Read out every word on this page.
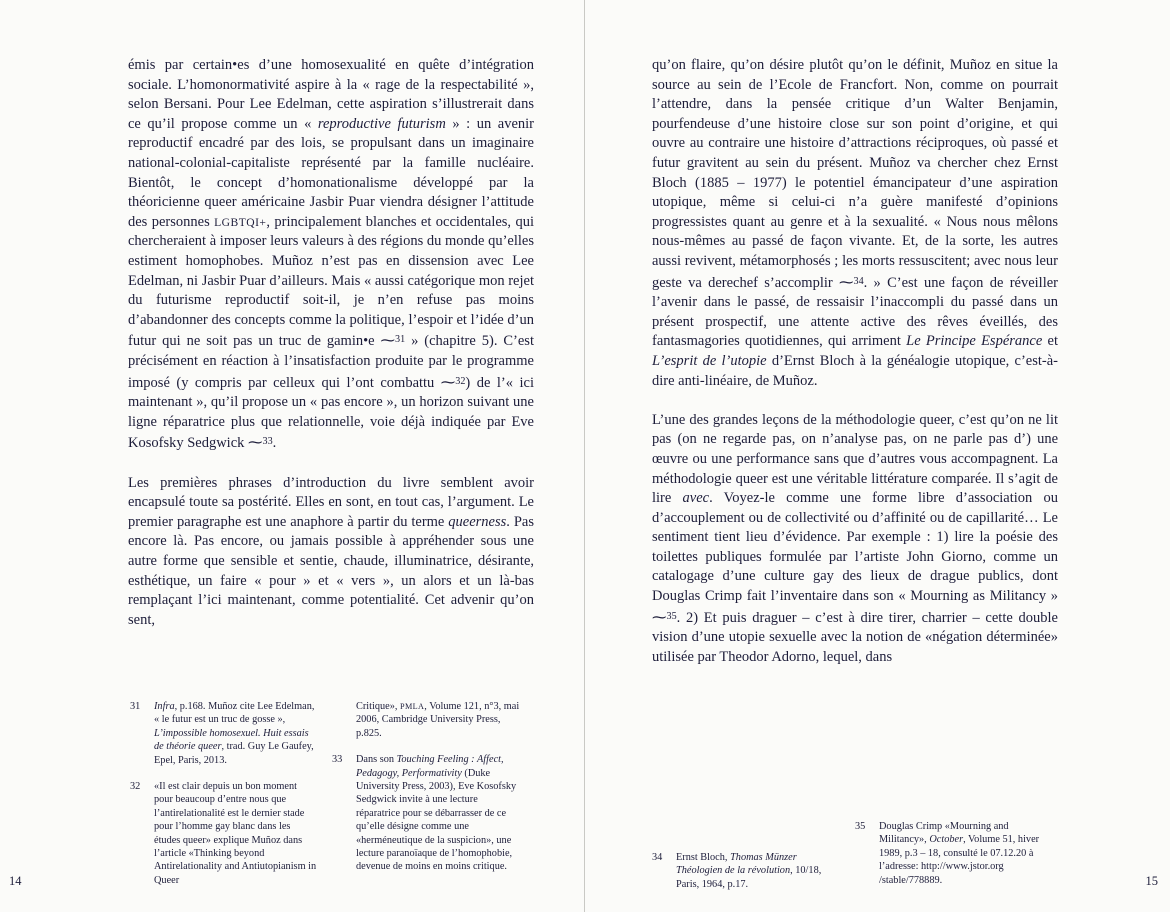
émis par certain•es d’une homosexualité en quête d’intégration sociale. L’homonormativité aspire à la « rage de la respectabilité », selon Bersani. Pour Lee Edelman, cette aspiration s’illustrerait dans ce qu’il propose comme un « reproductive futurism » : un avenir reproductif encadré par des lois, se propulsant dans un imaginaire national-colonial-capitaliste représenté par la famille nucléaire. Bientôt, le concept d’homonationalisme développé par la théoricienne queer américaine Jasbir Puar viendra désigner l’attitude des personnes LGBTQI+, principalement blanches et occidentales, qui chercheraient à imposer leurs valeurs à des régions du monde qu’elles estiment homophobes. Muñoz n’est pas en dissension avec Lee Edelman, ni Jasbir Puar d’ailleurs. Mais « aussi catégorique mon rejet du futurisme reproductif soit-il, je n’en refuse pas moins d’abandonner des concepts comme la politique, l’espoir et l’idée d’un futur qui ne soit pas un truc de gamin•e ⁓$^{31}$ » (chapitre 5). C’est précisément en réaction à l’insatisfaction produite par le programme imposé (y compris par celleux qui l’ont combattu ⁓$^{32}$) de l’« ici maintenant », qu’il propose un « pas encore », un horizon suivant une ligne réparatrice plus que relationnelle, voie déjà indiquée par Eve Kosofsky Sedgwick ⁓$^{33}$.

Les premières phrases d’introduction du livre semblent avoir encapsulé toute sa postérité. Elles en sont, en tout cas, l’argument. Le premier paragraphe est une anaphore à partir du terme queerness. Pas encore là. Pas encore, ou jamais possible à appréhender sous une autre forme que sensible et sentie, chaude, illuminatrice, désirante, esthétique, un faire « pour » et « vers », un alors et un là-bas remplaçant l’ici maintenant, comme potentialité. Cet advenir qu’on sent,

31	Infra, p.168. Muñoz cite Lee Edelman, « le futur est un truc de gosse », L’impossible homosexuel. Huit essais de théorie queer, trad. Guy Le Gaufey, Epel, Paris, 2013.
32	«Il est clair depuis un bon moment pour beaucoup d’entre nous que l’antirelationalité est le dernier stade pour l’homme gay blanc dans les études queer» explique Muñoz dans l’article «Thinking beyond Antirelationality and Antiutopianism in Queer
Critique», PMLA, Volume 121, n°3, mai 2006, Cambridge University Press, p.825.
33	Dans son Touching Feeling : Affect, Pedagogy, Performativity (Duke University Press, 2003), Eve Kosofsky Sedgwick invite à une lecture réparatrice pour se débarrasser de ce qu’elle désigne comme une «herméneutique de la suspicion», une lecture paranoïaque de l’homophobie, devenue de moins en moins critique.
14

qu’on flaire, qu’on désire plutôt qu’on le définit, Muñoz en situe la source au sein de l’Ecole de Francfort. Non, comme on pourrait l’attendre, dans la pensée critique d’un Walter Benjamin, pourfendeuse d’une histoire close sur son point d’origine, et qui ouvre au contraire une histoire d’attractions réciproques, où passé et futur gravitent au sein du présent. Muñoz va chercher chez Ernst Bloch (1885 – 1977) le potentiel émancipateur d’une aspiration utopique, même si celui-ci n’a guère manifesté d’opinions progressistes quant au genre et à la sexualité. « Nous nous mêlons nous-mêmes au passé de façon vivante. Et, de la sorte, les autres aussi revivent, métamorphosés ; les morts ressuscitent; avec nous leur geste va derechef s’accomplir ⁓$^{34}$. » C’est une façon de réveiller l’avenir dans le passé, de ressaisir l’inaccompli du passé dans un présent prospectif, une attente active des rêves éveillés, des fantasmagories quotidiennes, qui arriment Le Principe Espérance et L’esprit de l’utopie d’Ernst Bloch à la généalogie utopique, c’est-à-dire anti-linéaire, de Muñoz.

L’une des grandes leçons de la méthodologie queer, c’est qu’on ne lit pas (on ne regarde pas, on n’analyse pas, on ne parle pas d’) une œuvre ou une performance sans que d’autres vous accompagnent. La méthodologie queer est une véritable littérature comparée. Il s’agit de lire avec. Voyez-le comme une forme libre d’association ou d’accouplement ou de collectivité ou d’affinité ou de capillarité… Le sentiment tient lieu d’évidence. Par exemple : 1) lire la poésie des toilettes publiques formulée par l’artiste John Giorno, comme un catalogage d’une culture gay des lieux de drague publics, dont Douglas Crimp fait l’inventaire dans son « Mourning as Militancy » ⁓$^{35}$. 2) Et puis draguer – c’est à dire tirer, charrier – cette double vision d’une utopie sexuelle avec la notion de «négation déterminée» utilisée par Theodor Adorno, lequel, dans

34	Ernst Bloch, Thomas Münzer Théologien de la révolution, 10/18, Paris, 1964, p.17.
35	Douglas Crimp «Mourning and Militancy», October, Volume 51, hiver 1989, p.3 – 18, consulté le 07.12.20 à l’adresse: http://www.jstor.org /stable/778889.	15
